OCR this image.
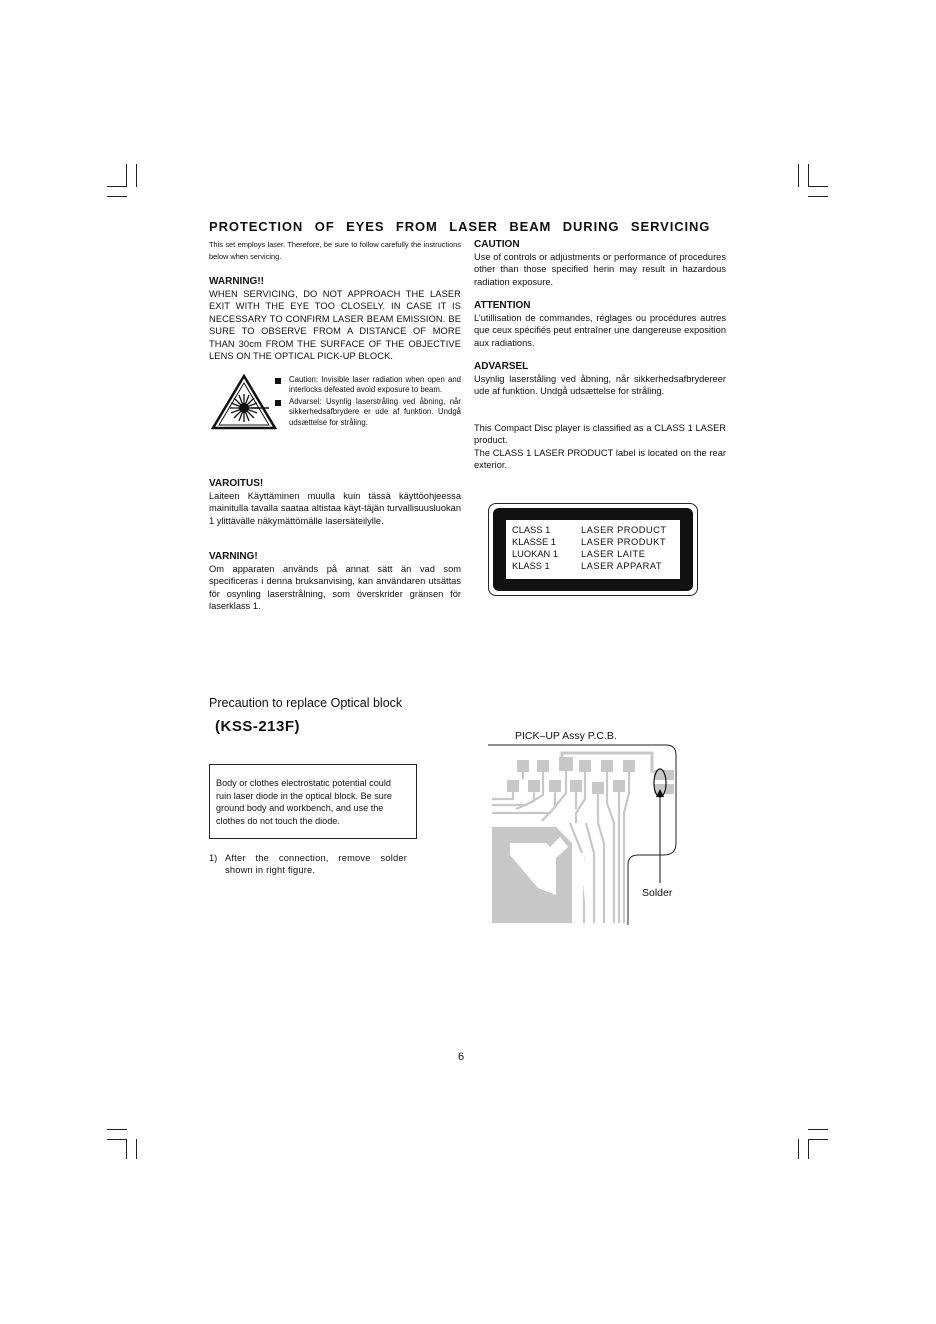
PROTECTION OF EYES FROM LASER BEAM DURING SERVICING
This set employs laser. Therefore, be sure to follow carefully the instructions below when servicing.
WARNING!!
WHEN SERVICING, DO NOT APPROACH THE LASER EXIT WITH THE EYE TOO CLOSELY. IN CASE IT IS NECESSARY TO CONFIRM LASER BEAM EMISSION. BE SURE TO OBSERVE FROM A DISTANCE OF MORE THAN 30cm FROM THE SURFACE OF THE OBJECTIVE LENS ON THE OPTICAL PICK-UP BLOCK.
Caution: Invisible laser radiation when open and interlocks defeated avoid exposure to beam.
Advarsel: Usynlig laserstråling ved åbning, når sikkerhedsafbrydere er ude af funktion. Undgå udsættelse for stråling.
VAROITUS!
Laiteen Käyttäminen muulla kuin tässä käyttöohjeessa mainitulla tavalla saataa altistaa käyt-täjän turvallisuusluokan 1 ylittävälle näkymättömälle lasersäteilylle.
VARNING!
Om apparaten används på annat sätt än vad som specificeras i denna bruksanvising, kan användaren utsättas för osynling laserstrålning, som överskrider gränsen för laserklass 1.
CAUTION
Use of controls or adjustments or performance of procedures other than those specified herin may result in hazardous radiation exposure.
ATTENTION
L’utillisation de commandes, réglages ou procédures autres que ceux spécifiés peut entraîner une dangereuse exposition aux radiations.
ADVARSEL
Usynlig laserståling ved åbning, når sikkerhedsafbrydereer ude af funktion. Undgå udsættelse for stråling.
This Compact Disc player is classified as a CLASS 1 LASER product.
The CLASS 1 LASER PRODUCT label is located on the rear exterior.
CLASS 1	LASER PRODUCT
KLASSE 1	LASER PRODUKT
LUOKAN 1 LASER LAITE
KLASS 1	LASER APPARAT
Precaution to replace Optical block
(KSS-213F)
Body or clothes electrostatic potential could ruin laser diode in the optical block. Be sure ground body and workbench, and use the clothes do not touch the diode.
1) After the connection, remove solder shown in right figure.
PICK–UP Assy P.C.B.
Solder
6
